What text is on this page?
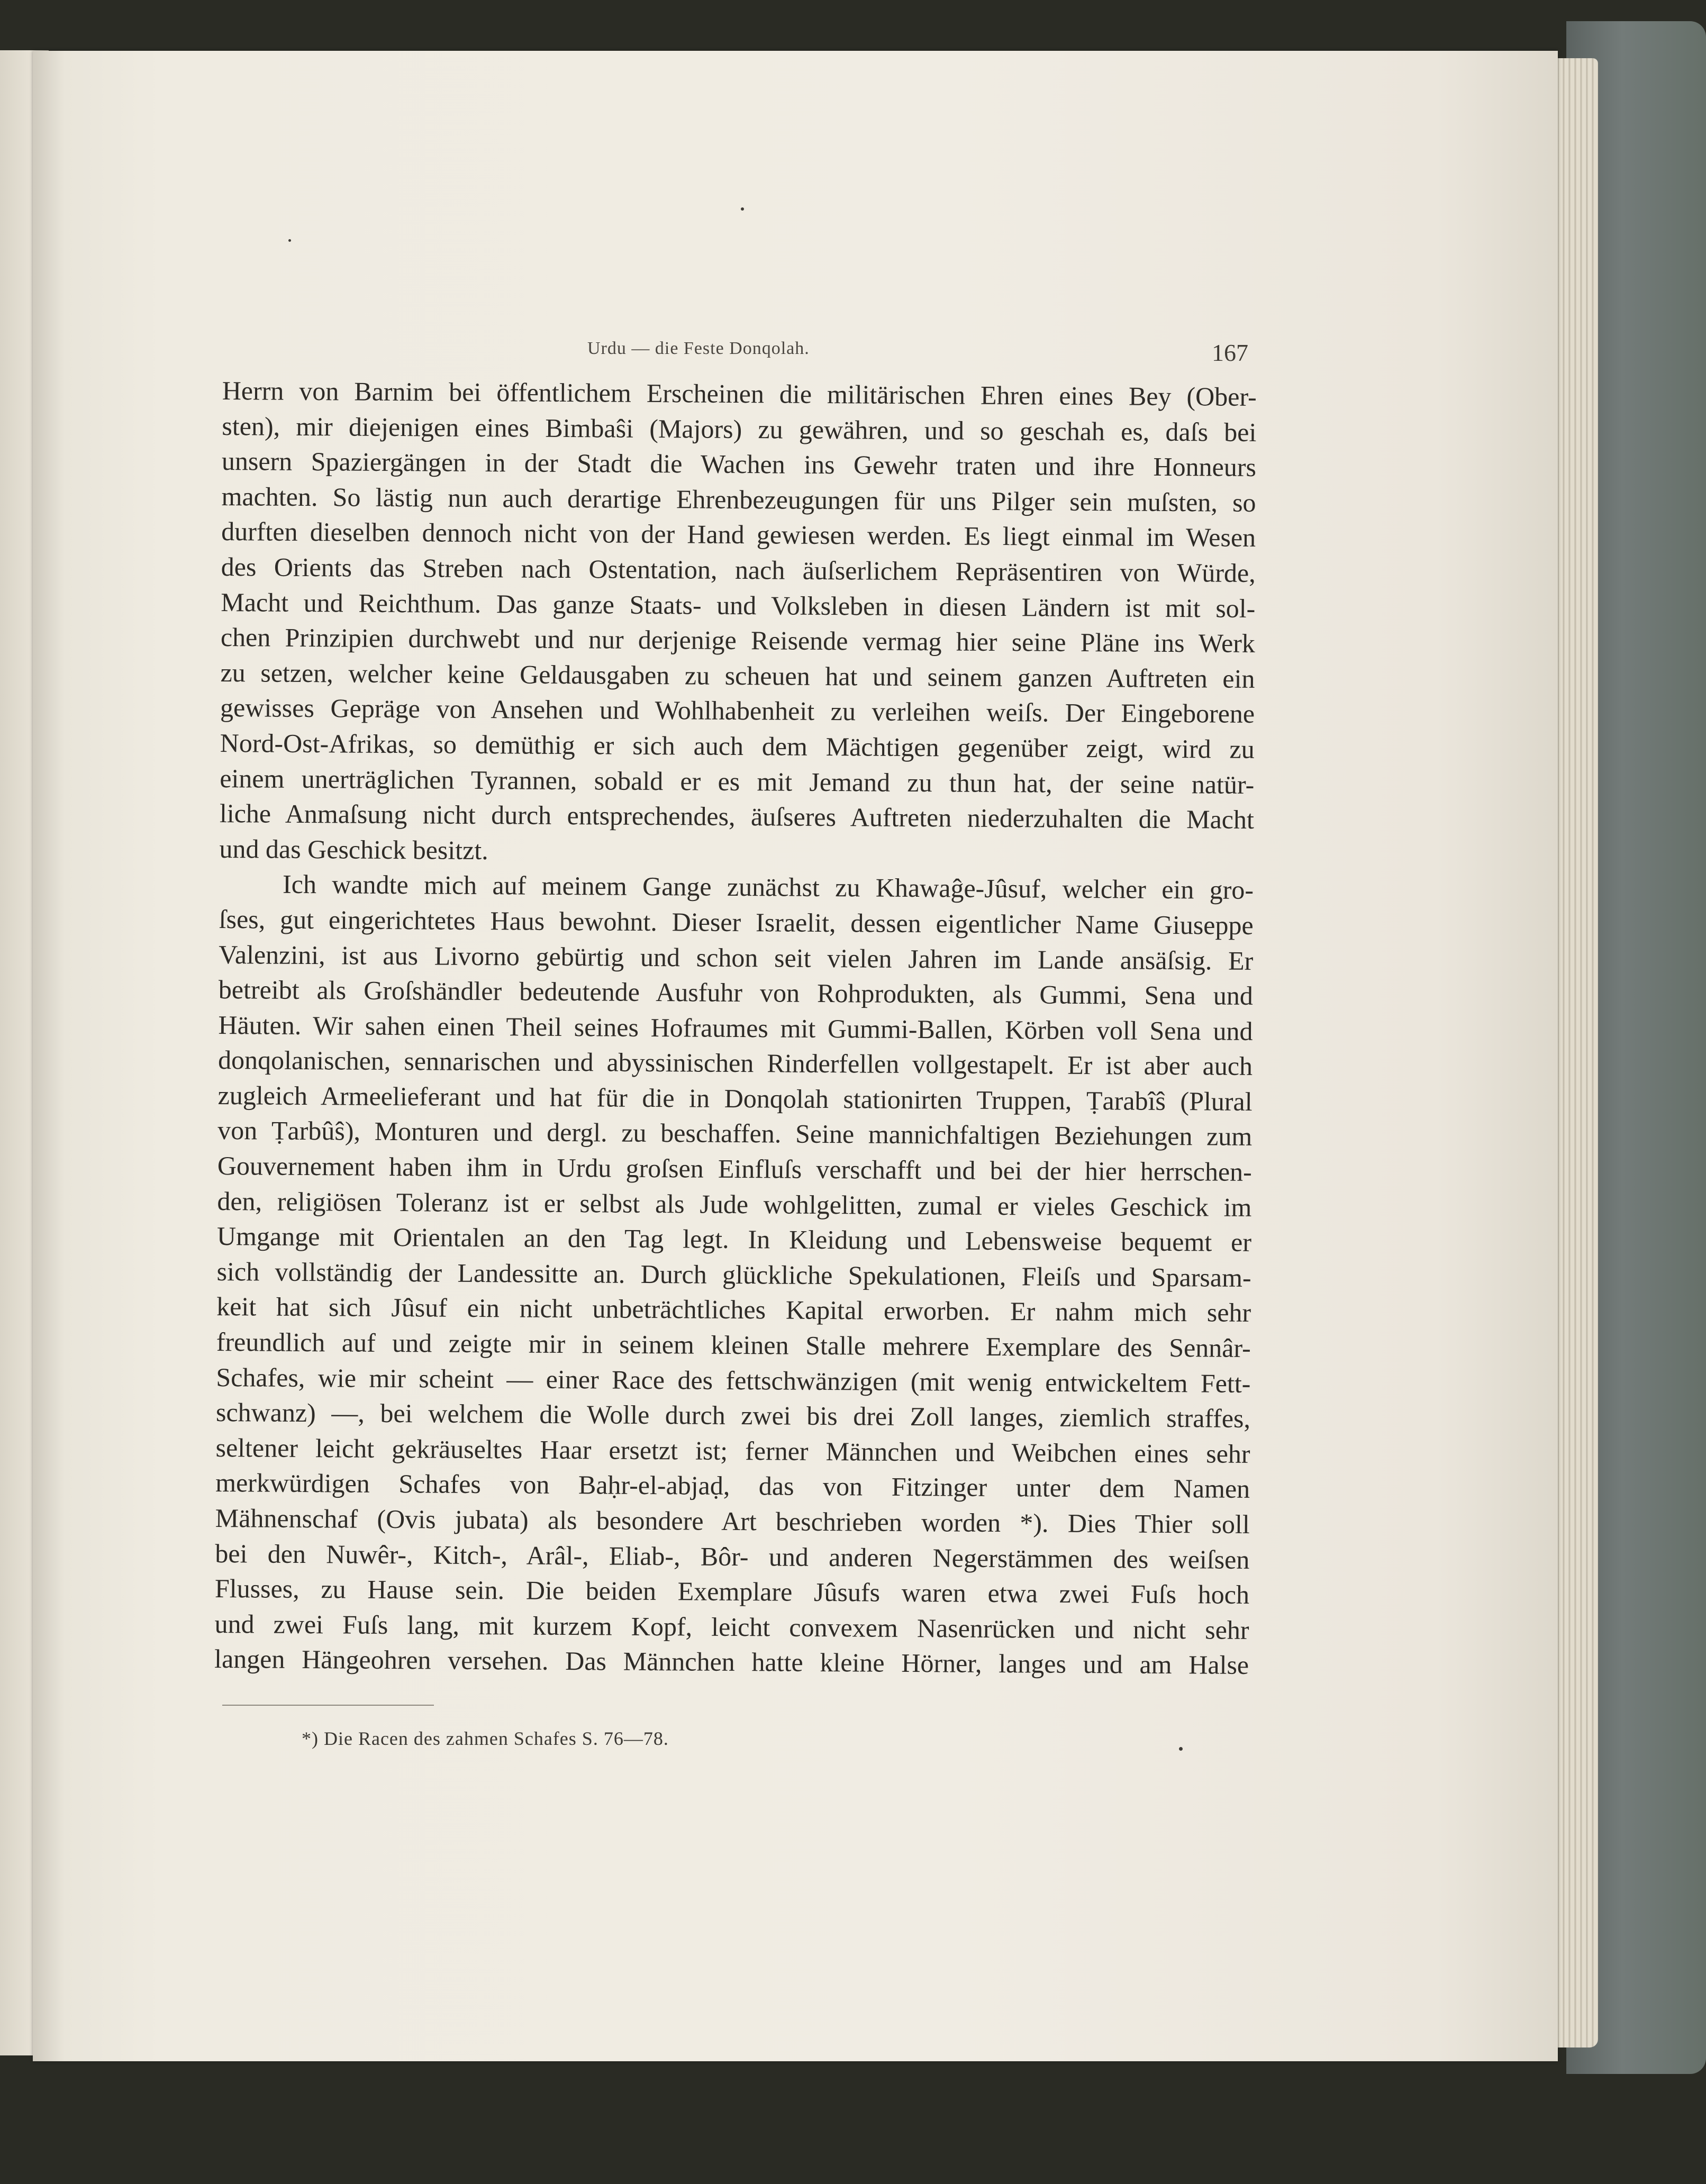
Urdu — die Feste Donqolah.	167
Herrn von Barnim bei öffentlichem Erscheinen die militärischen Ehren eines Bey (Ober-
sten), mir diejenigen eines Bimbaŝi (Majors) zu gewähren, und so geschah es, daſs bei
unsern Spaziergängen in der Stadt die Wachen ins Gewehr traten und ihre Honneurs
machten. So lästig nun auch derartige Ehrenbezeugungen für uns Pilger sein muſsten, so
durften dieselben dennoch nicht von der Hand gewiesen werden. Es liegt einmal im Wesen
des Orients das Streben nach Ostentation, nach äuſserlichem Repräsentiren von Würde,
Macht und Reichthum. Das ganze Staats- und Volksleben in diesen Ländern ist mit sol-
chen Prinzipien durchwebt und nur derjenige Reisende vermag hier seine Pläne ins Werk
zu setzen, welcher keine Geldausgaben zu scheuen hat und seinem ganzen Auftreten ein
gewisses Gepräge von Ansehen und Wohlhabenheit zu verleihen weiſs. Der Eingeborene
Nord-Ost-Afrikas, so demüthig er sich auch dem Mächtigen gegenüber zeigt, wird zu
einem unerträglichen Tyrannen, sobald er es mit Jemand zu thun hat, der seine natür-
liche Anmaſsung nicht durch entsprechendes, äuſseres Auftreten niederzuhalten die Macht
und das Geschick besitzt.
Ich wandte mich auf meinem Gange zunächst zu Khawaĝe-Jûsuf, welcher ein gro-
ſses, gut eingerichtetes Haus bewohnt. Dieser Israelit, dessen eigentlicher Name Giuseppe
Valenzini, ist aus Livorno gebürtig und schon seit vielen Jahren im Lande ansäſsig. Er
betreibt als Groſshändler bedeutende Ausfuhr von Rohprodukten, als Gummi, Sena und
Häuten. Wir sahen einen Theil seines Hofraumes mit Gummi-Ballen, Körben voll Sena und
donqolanischen, sennarischen und abyssinischen Rinderfellen vollgestapelt. Er ist aber auch
zugleich Armeelieferant und hat für die in Donqolah stationirten Truppen, Ṭarabîŝ (Plural
von Ṭarbûŝ), Monturen und dergl. zu beschaffen. Seine mannichfaltigen Beziehungen zum
Gouvernement haben ihm in Urdu groſsen Einfluſs verschafft und bei der hier herrschen-
den, religiösen Toleranz ist er selbst als Jude wohlgelitten, zumal er vieles Geschick im
Umgange mit Orientalen an den Tag legt. In Kleidung und Lebensweise bequemt er
sich vollständig der Landessitte an. Durch glückliche Spekulationen, Fleiſs und Sparsam-
keit hat sich Jûsuf ein nicht unbeträchtliches Kapital erworben. Er nahm mich sehr
freundlich auf und zeigte mir in seinem kleinen Stalle mehrere Exemplare des Sennâr-
Schafes, wie mir scheint — einer Race des fettschwänzigen (mit wenig entwickeltem Fett-
schwanz) —, bei welchem die Wolle durch zwei bis drei Zoll langes, ziemlich straffes,
seltener leicht gekräuseltes Haar ersetzt ist; ferner Männchen und Weibchen eines sehr
merkwürdigen Schafes von Baḥr-el-abjaḍ, das von Fitzinger unter dem Namen
Mähnenschaf (Ovis jubata) als besondere Art beschrieben worden *). Dies Thier soll
bei den Nuwêr-, Kitch-, Arâl-, Eliab-, Bôr- und anderen Negerstämmen des weiſsen
Flusses, zu Hause sein. Die beiden Exemplare Jûsufs waren etwa zwei Fuſs hoch
und zwei Fuſs lang, mit kurzem Kopf, leicht convexem Nasenrücken und nicht sehr
langen Hängeohren versehen. Das Männchen hatte kleine Hörner, langes und am Halse
*) Die Racen des zahmen Schafes S. 76—78.
